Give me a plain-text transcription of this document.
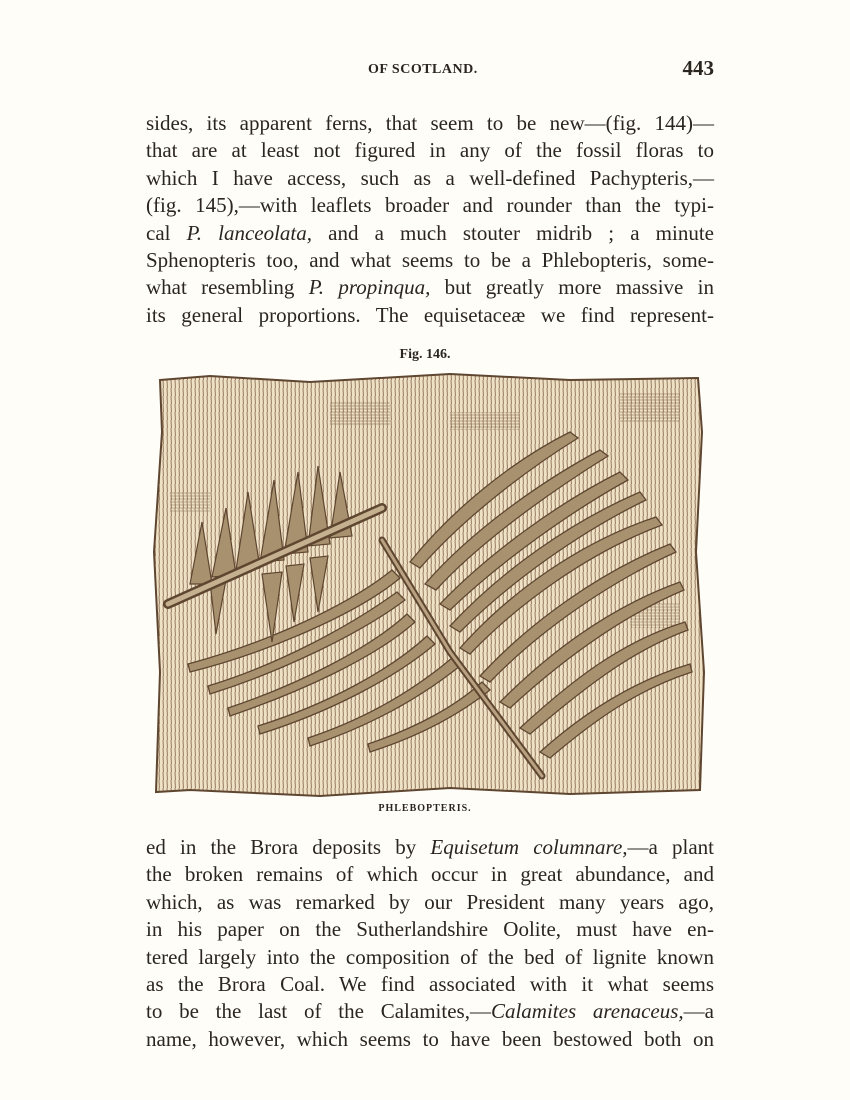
OF SCOTLAND.	443
sides, its apparent ferns, that seem to be new—(fig. 144)—
that are at least not figured in any of the fossil floras to
which I have access, such as a well-defined Pachypteris,—
(fig. 145),—with leaflets broader and rounder than the typi-
cal P. lanceolata, and a much stouter midrib ; a minute
Sphenopteris too, and what seems to be a Phlebopteris, some-
what resembling P. propinqua, but greatly more massive in
its general proportions. The equisetaceæ we find represent-
Fig. 146.
PHLEBOPTERIS.
ed in the Brora deposits by Equisetum columnare,—a plant
the broken remains of which occur in great abundance, and
which, as was remarked by our President many years ago,
in his paper on the Sutherlandshire Oolite, must have en-
tered largely into the composition of the bed of lignite known
as the Brora Coal. We find associated with it what seems
to be the last of the Calamites,—Calamites arenaceus,—a
name, however, which seems to have been bestowed both on
